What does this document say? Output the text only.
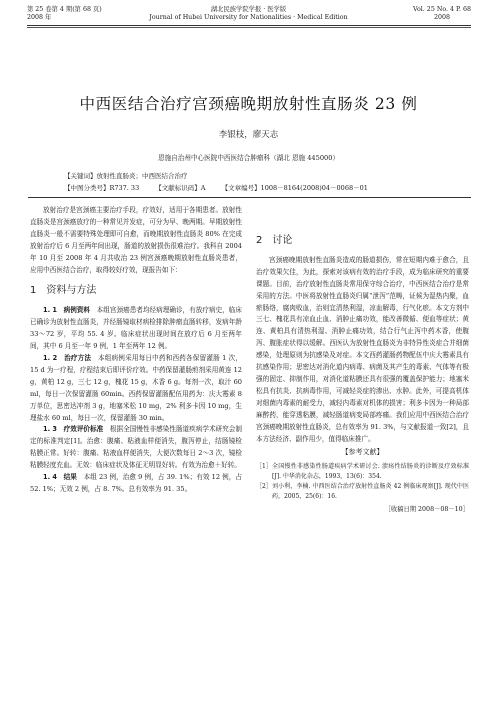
第 25 卷第 4 期(第 68 页)
2008 年
湖北民族学院学报 · 医学版
Journal of Hubei University for Nationalities · Medical Edition
Vol. 25 No. 4 P. 68
2008
中西医结合治疗宫颈癌晚期放射性直肠炎 23 例
李银枝，廖天志
恩施自治州中心医院中西医结合肿瘤科（湖北 恩施 445000）
【关键词】放射性直肠炎；中西医结合治疗
【中图分类号】R737. 33 【文献标识码】A 【文章编号】1008－8164(2008)04－0068－01

放射治疗是宫颈癌主要治疗手段，疗效好，适用于各期患者。放射性直肠炎是宫颈癌放疗的一种常见并发症，可分为早、晚两期。早期放射性直肠炎一般不需要特殊处理即可自愈，而晚期放射性直肠炎 80% 在完成放射治疗后 6 月至两年间出现，肠道的放射损伤很难治疗。我科自 2004 年 10 月至 2008 年 4 月共收治 23 例宫颈癌晚期放射性直肠炎患者，应用中西医结合治疗，取得较好疗效，现报告如下：

1　资料与方法

1. 1　病例资料　 本组宫颈癌患者均经病理确诊，有放疗病史，临床已确诊为放射性直肠炎，并经肠镜取材病检排除肿瘤直肠转移，发病年龄 33～72 岁，平均 55. 4 岁。临床症状出现时间在放疗后 6 月至两年间，其中 6 月至一年 9 例，1 年至两年 12 例。

1. 2　治疗方法　 本组病例采用每日中药和西药各保留灌肠 1 次，15 d 为一疗程，疗程结束后即评价疗效。中药保留灌肠煎剂采用黄连 12 g，黄柏 12 g，三七 12 g，槐花 15 g，木香 6 g。每剂一次，取汁 60 ml，每日一次保留灌肠 60min。西药保留灌肠配伍用药为：庆大霉素 8 万单位，思密达冲剂 3 g，地塞米松 10 mg，2% 利多卡因 10 mg，生理盐水 60 ml，每日一次，保留灌肠 30 min。

1. 3　疗效评价标准　 根据全国慢性非感染性肠道疾病学术研究会制定的标准判定[1]。治愈：腹痛、粘液血样便消失，腹泻停止，结肠镜检粘膜正常。好转：腹痛、粘液血样便消失，大便次数每日 2～3 次，镜检粘膜轻度充血。无效：临床症状及体征无明显好转。有效为治愈＋好转。

1. 4　结果　 本组 23 例，治愈 9 例，占 39. 1%；有效 12 例，占 52. 1%；无效 2 例，占 8. 7%。总有效率为 91. 35。

2　讨论

宫颈癌晚期放射性直肠炎造成的肠道损伤，常在短期内难于愈合，且治疗效果欠佳，为此，探索对该病有效的治疗手段，成为临床研究的重要课题。目前，治疗放射性直肠炎常用保守综合治疗，中西医结合治疗是常采用的方法。中医将放射性直肠炎归属“泄泻”范畴，证候为湿热内聚，血瘀肠络，腐肉败血，治则宜清热利湿，凉血解毒，行气化瘀。本文方剂中三七、槐花具有凉血止血、消肿止痛功效，能改善微循、便血等症状；黄连、黄柏具有清热利湿、消肿止痛功效，结合行气止泻中药木香，使腹泻、腹胀症状得以缓解。西医认为放射性直肠炎为非特异性炎症合并细菌感染，处理原则为抗感染及对症。本文西药灌肠药物配伍中庆大霉素具有抗感染作用；思密达对消化道内病毒、病菌及其产生的毒素、气体等有极强的固定、抑制作用，对消化道粘膜还具有很强的覆盖保护能力；地塞米松具有抗炎、抗病毒作用，可减轻炎症的渗出、水肿。此外，可提高机体对细菌内毒素的耐受力，减轻内毒素对机体的损害；利多卡因为一种局部麻醉药，能穿透粘膜，减轻肠道病变局部疼痛。我们应用中西医结合治疗宫颈癌晚期放射性直肠炎，总有效率为 91. 3%，与文献报道一致[2]，且本方法经济、副作用少，值得临床推广。

【参考文献】
［1］ 全国慢性非感染性肠道疾病学术研讨会. 溃疡性结肠炎的诊断及疗效标准[J]. 中华消化杂志，1993，13(6)：354.
［2］ 刘小利，李楠. 中西医结合治疗放射性直肠炎 42 例临床观察[J]. 现代中医药，2005，25(6)：16.
［收稿日期 2008－08－10］
